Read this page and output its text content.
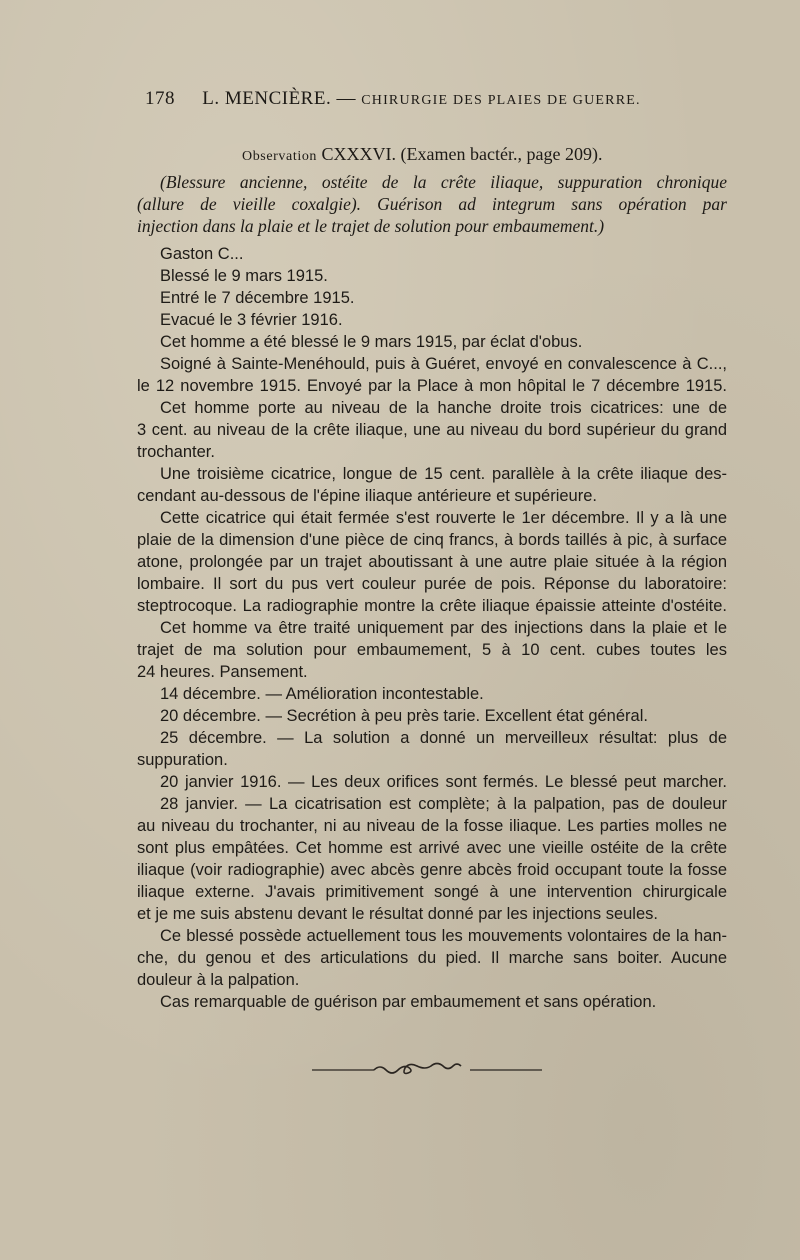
178 L. MENCIÈRE. — CHIRURGIE DES PLAIES DE GUERRE.
Observation CXXXVI. (Examen bactér., page 209).
(Blessure ancienne, ostéite de la crête iliaque, suppuration chronique
(allure de vieille coxalgie). Guérison ad integrum sans opération par
injection dans la plaie et le trajet de solution pour embaumement.)
Gaston C...
Blessé le 9 mars 1915.
Entré le 7 décembre 1915.
Evacué le 3 février 1916.
Cet homme a été blessé le 9 mars 1915, par éclat d'obus.
Soigné à Sainte-Menéhould, puis à Guéret, envoyé en convalescence à C...,
le 12 novembre 1915. Envoyé par la Place à mon hôpital le 7 décembre 1915.
Cet homme porte au niveau de la hanche droite trois cicatrices: une de
3 cent. au niveau de la crête iliaque, une au niveau du bord supérieur du grand
trochanter.
Une troisième cicatrice, longue de 15 cent. parallèle à la crête iliaque des-
cendant au-dessous de l'épine iliaque antérieure et supérieure.
Cette cicatrice qui était fermée s'est rouverte le 1er décembre. Il y a là une
plaie de la dimension d'une pièce de cinq francs, à bords taillés à pic, à surface
atone, prolongée par un trajet aboutissant à une autre plaie située à la région
lombaire. Il sort du pus vert couleur purée de pois. Réponse du laboratoire:
steptrocoque. La radiographie montre la crête iliaque épaissie atteinte d'ostéite.
Cet homme va être traité uniquement par des injections dans la plaie et le
trajet de ma solution pour embaumement, 5 à 10 cent. cubes toutes les
24 heures. Pansement.
14 décembre. — Amélioration incontestable.
20 décembre. — Secrétion à peu près tarie. Excellent état général.
25 décembre. — La solution a donné un merveilleux résultat: plus de
suppuration.
20 janvier 1916. — Les deux orifices sont fermés. Le blessé peut marcher.
28 janvier. — La cicatrisation est complète; à la palpation, pas de douleur
au niveau du trochanter, ni au niveau de la fosse iliaque. Les parties molles ne
sont plus empâtées. Cet homme est arrivé avec une vieille ostéite de la crête
iliaque (voir radiographie) avec abcès genre abcès froid occupant toute la fosse
iliaque externe. J'avais primitivement songé à une intervention chirurgicale
et je me suis abstenu devant le résultat donné par les injections seules.
Ce blessé possède actuellement tous les mouvements volontaires de la han-
che, du genou et des articulations du pied. Il marche sans boiter. Aucune
douleur à la palpation.
Cas remarquable de guérison par embaumement et sans opération.
